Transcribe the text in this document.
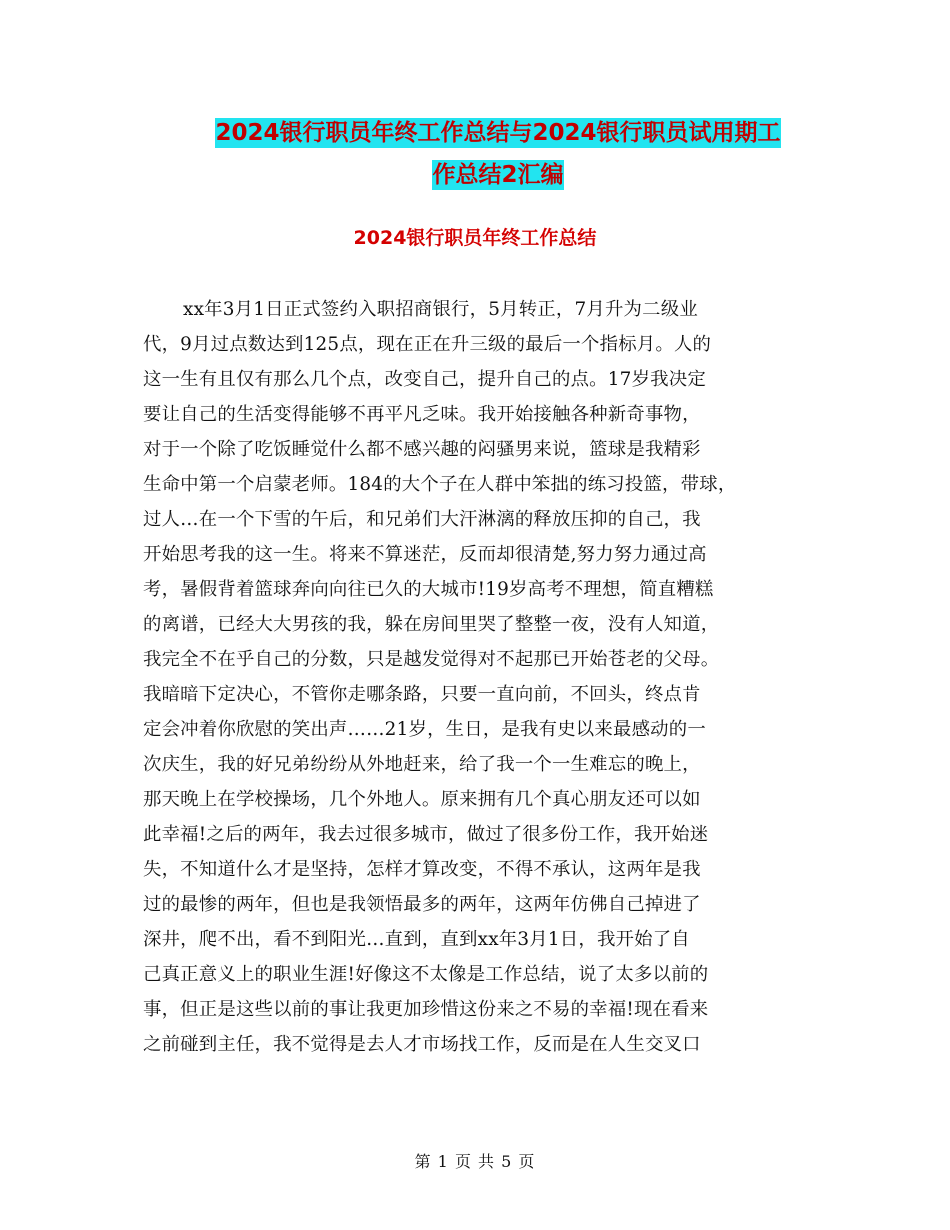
2024银行职员年终工作总结与2024银行职员试用期工
作总结2汇编
2024银行职员年终工作总结
xx年3月1日正式签约入职招商银行，5月转正，7月升为二级业
代，9月过点数达到125点，现在正在升三级的最后一个指标月。人的
这一生有且仅有那么几个点，改变自己，提升自己的点。17岁我决定
要让自己的生活变得能够不再平凡乏味。我开始接触各种新奇事物，
对于一个除了吃饭睡觉什么都不感兴趣的闷骚男来说，篮球是我精彩
生命中第一个启蒙老师。184的大个子在人群中笨拙的练习投篮，带球，
过人…在一个下雪的午后，和兄弟们大汗淋漓的释放压抑的自己，我
开始思考我的这一生。将来不算迷茫，反而却很清楚,努力努力通过高
考，暑假背着篮球奔向向往已久的大城市!19岁高考不理想，简直糟糕
的离谱，已经大大男孩的我，躲在房间里哭了整整一夜，没有人知道，
我完全不在乎自己的分数，只是越发觉得对不起那已开始苍老的父母。
我暗暗下定决心，不管你走哪条路，只要一直向前，不回头，终点肯
定会冲着你欣慰的笑出声……21岁，生日，是我有史以来最感动的一
次庆生，我的好兄弟纷纷从外地赶来，给了我一个一生难忘的晚上，
那天晚上在学校操场，几个外地人。原来拥有几个真心朋友还可以如
此幸福!之后的两年，我去过很多城市，做过了很多份工作，我开始迷
失，不知道什么才是坚持，怎样才算改变，不得不承认，这两年是我
过的最惨的两年，但也是我领悟最多的两年，这两年仿佛自己掉进了
深井，爬不出，看不到阳光…直到，直到xx年3月1日，我开始了自
己真正意义上的职业生涯!好像这不太像是工作总结，说了太多以前的
事，但正是这些以前的事让我更加珍惜这份来之不易的幸福!现在看来
之前碰到主任，我不觉得是去人才市场找工作，反而是在人生交叉口
第 1 页 共 5 页
